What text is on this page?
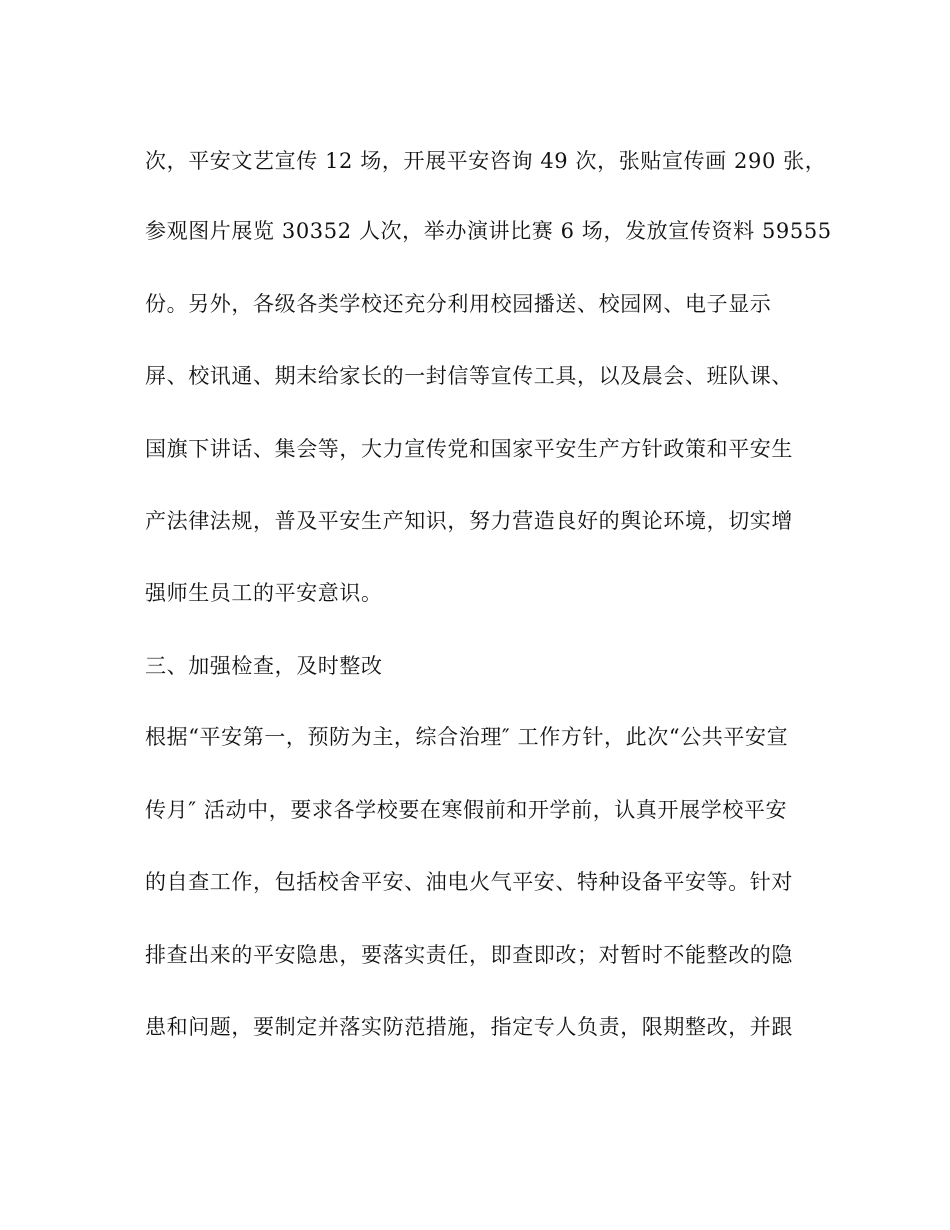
次，平安文艺宣传 12 场，开展平安咨询 49 次，张贴宣传画 290 张，
参观图片展览 30352 人次，举办演讲比赛 6 场，发放宣传资料 59555
份。另外，各级各类学校还充分利用校园播送、校园网、电子显示
屏、校讯通、期末给家长的一封信等宣传工具，以及晨会、班队课、
国旗下讲话、集会等，大力宣传党和国家平安生产方针政策和平安生
产法律法规，普及平安生产知识，努力营造良好的舆论环境，切实增
强师生员工的平安意识。
三、加强检查，及时整改
根据“平安第一，预防为主，综合治理″ 工作方针，此次“公共平安宣
传月″ 活动中，要求各学校要在寒假前和开学前，认真开展学校平安
的自查工作，包括校舍平安、油电火气平安、特种设备平安等。针对
排查出来的平安隐患，要落实责任，即查即改；对暂时不能整改的隐
患和问题，要制定并落实防范措施，指定专人负责，限期整改，并跟
